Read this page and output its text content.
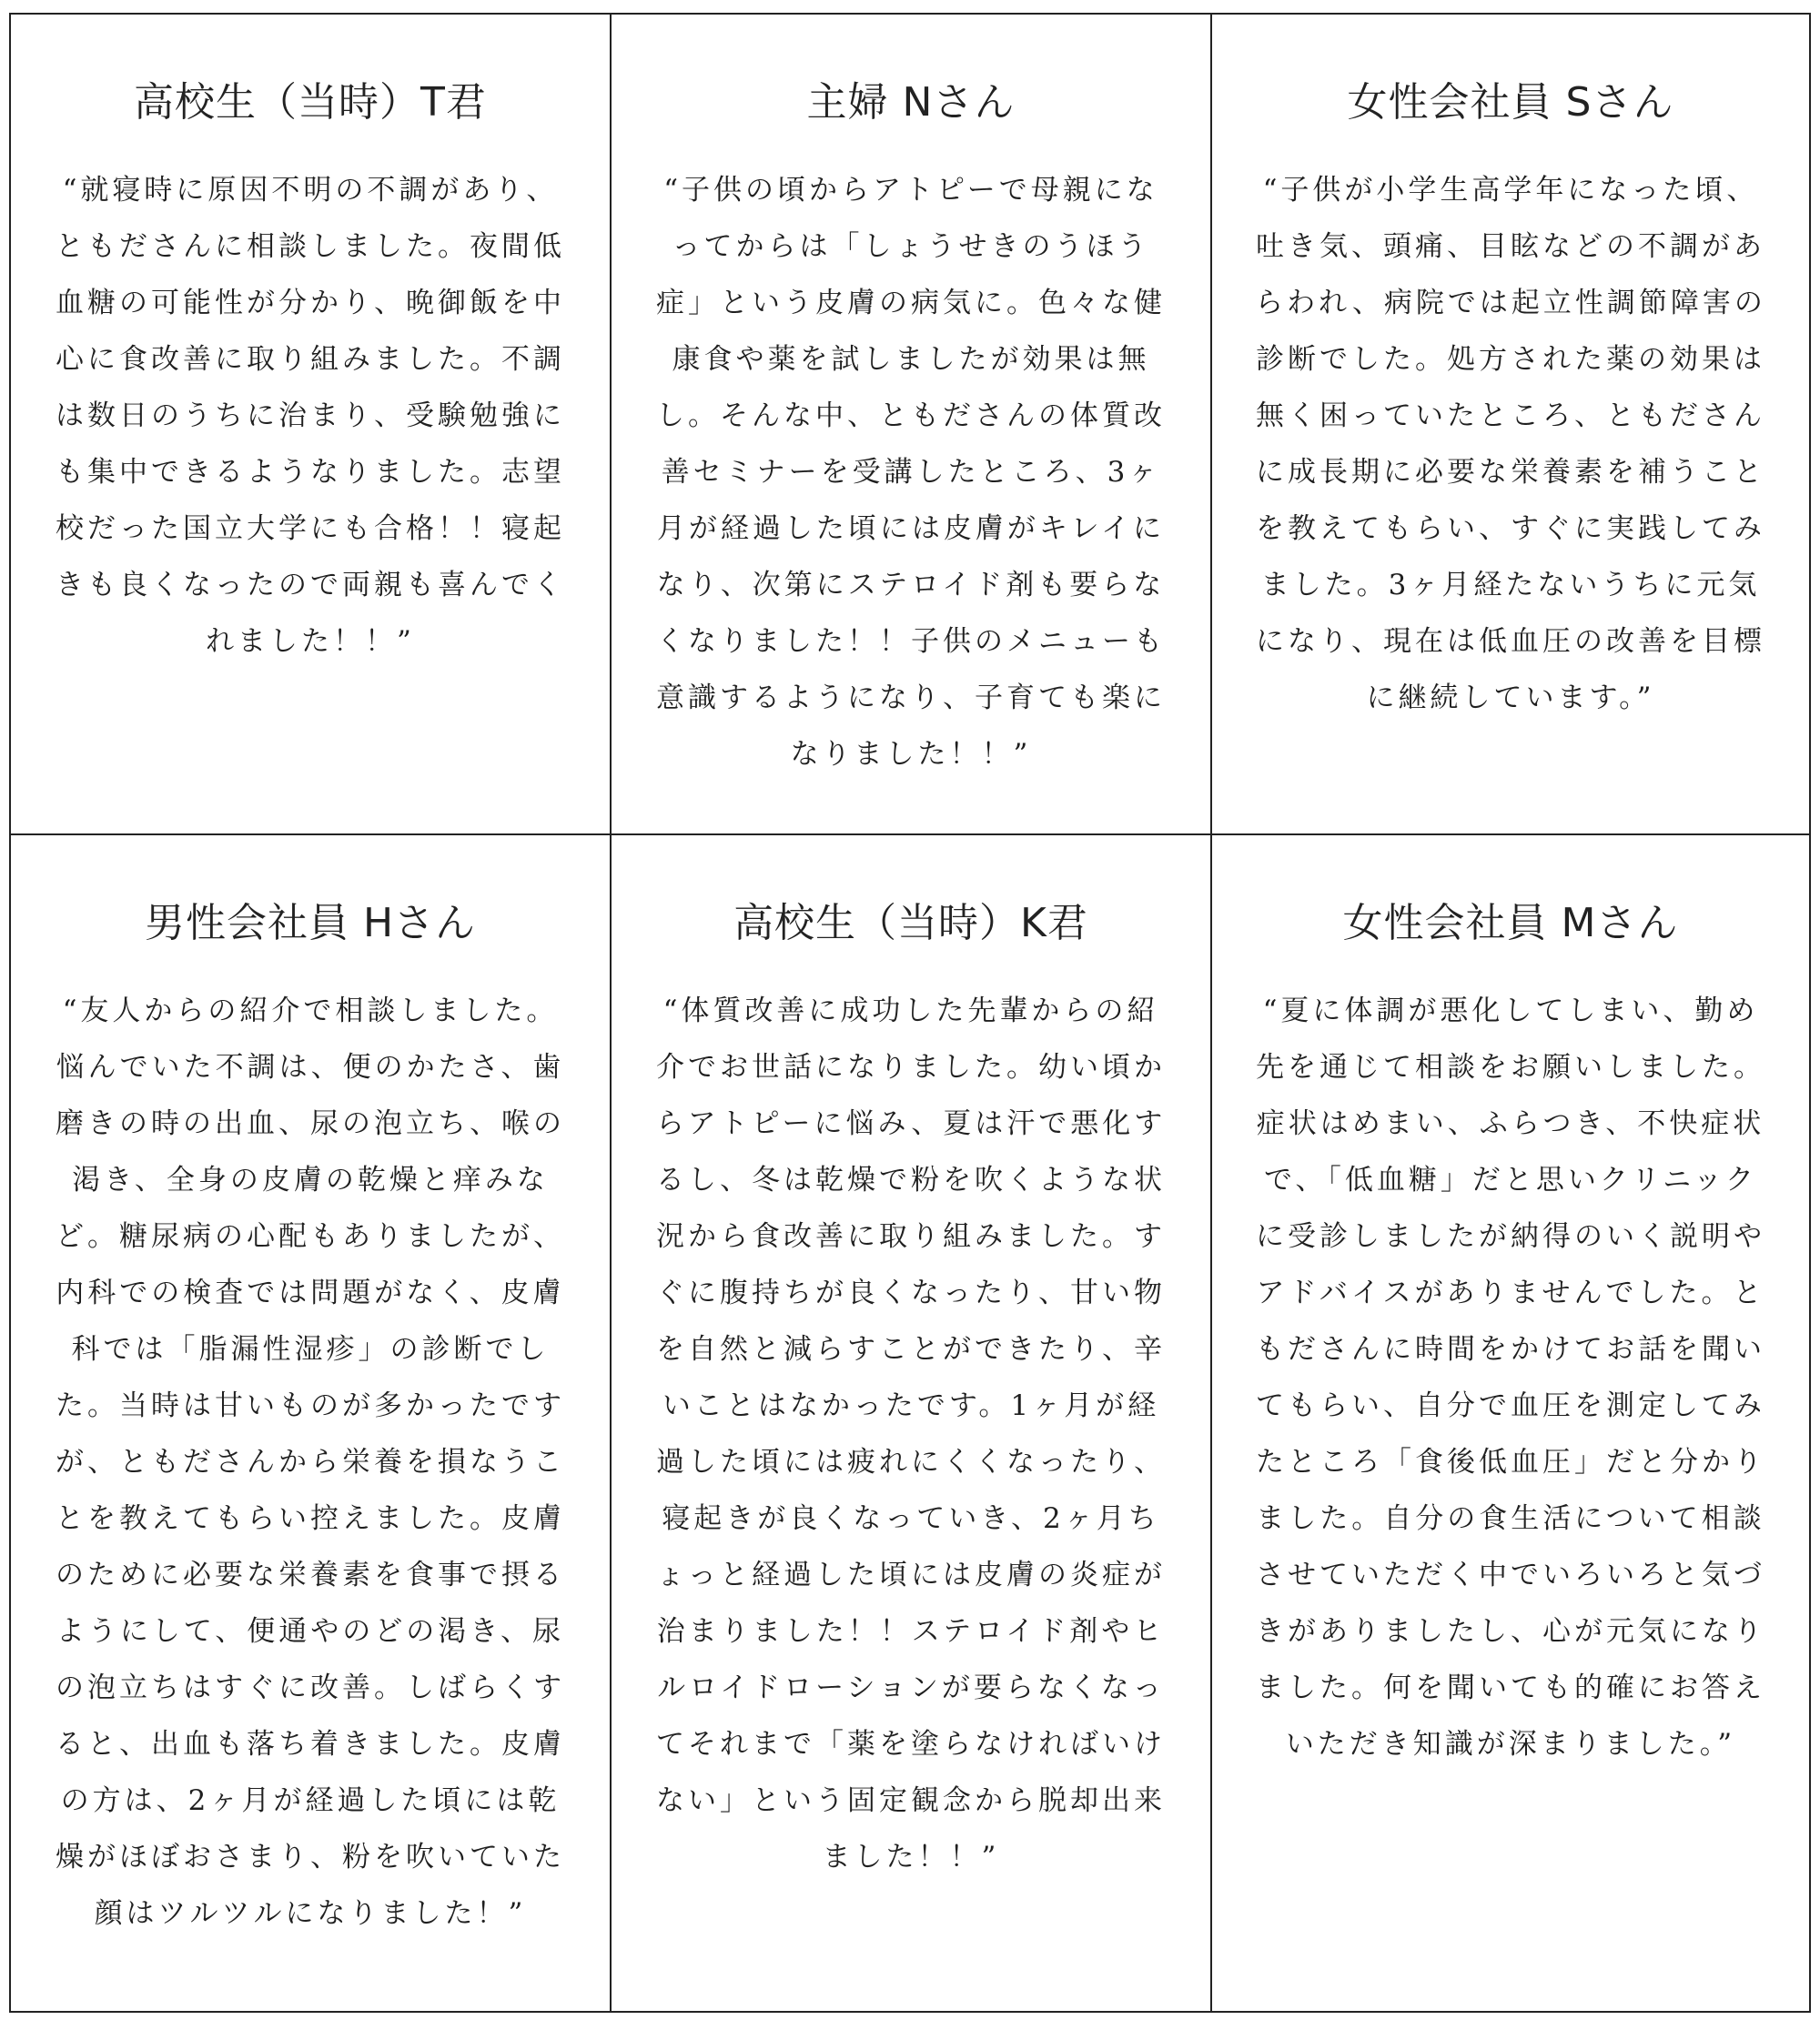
高校生（当時）T君

“就寝時に原因不明の不調があり、ともださんに相談しました。夜間低血糖の可能性が分かり、晩御飯を中心に食改善に取り組みました。不調は数日のうちに治まり、受験勉強にも集中できるようなりました。志望校だった国立大学にも合格！！寝起きも良くなったので両親も喜んでくれました！！”

主婦 Nさん

“子供の頃からアトピーで母親になってからは「しょうせきのうほう症」という皮膚の病気に。色々な健康食や薬を試しましたが効果は無し。そんな中、ともださんの体質改善セミナーを受講したところ、3ヶ月が経過した頃には皮膚がキレイになり、次第にステロイド剤も要らなくなりました！！子供のメニューも意識するようになり、子育ても楽になりました！！”

女性会社員 Sさん

“子供が小学生高学年になった頃、吐き気、頭痛、目眩などの不調があらわれ、病院では起立性調節障害の診断でした。処方された薬の効果は無く困っていたところ、ともださんに成長期に必要な栄養素を補うことを教えてもらい、すぐに実践してみました。3ヶ月経たないうちに元気になり、現在は低血圧の改善を目標に継続しています。”

男性会社員 Hさん

“友人からの紹介で相談しました。悩んでいた不調は、便のかたさ、歯磨きの時の出血、尿の泡立ち、喉の渇き、全身の皮膚の乾燥と痒みなど。糖尿病の心配もありましたが、内科での検査では問題がなく、皮膚科では「脂漏性湿疹」の診断でした。当時は甘いものが多かったですが、ともださんから栄養を損なうことを教えてもらい控えました。皮膚のために必要な栄養素を食事で摂るようにして、便通やのどの渇き、尿の泡立ちはすぐに改善。しばらくすると、出血も落ち着きました。皮膚の方は、2ヶ月が経過した頃には乾燥がほぼおさまり、粉を吹いていた顔はツルツルになりました！”

高校生（当時）K君

“体質改善に成功した先輩からの紹介でお世話になりました。幼い頃からアトピーに悩み、夏は汗で悪化するし、冬は乾燥で粉を吹くような状況から食改善に取り組みました。すぐに腹持ちが良くなったり、甘い物を自然と減らすことができたり、辛いことはなかったです。1ヶ月が経過した頃には疲れにくくなったり、寝起きが良くなっていき、2ヶ月ちょっと経過した頃には皮膚の炎症が治まりました！！ステロイド剤やヒルロイドローションが要らなくなってそれまで「薬を塗らなければいけない」という固定観念から脱却出来ました！！”

女性会社員 Mさん

“夏に体調が悪化してしまい、勤め先を通じて相談をお願いしました。症状はめまい、ふらつき、不快症状で、「低血糖」だと思いクリニックに受診しましたが納得のいく説明やアドバイスがありませんでした。ともださんに時間をかけてお話を聞いてもらい、自分で血圧を測定してみたところ「食後低血圧」だと分かりました。自分の食生活について相談させていただく中でいろいろと気づきがありましたし、心が元気になりました。何を聞いても的確にお答えいただき知識が深まりました。”
